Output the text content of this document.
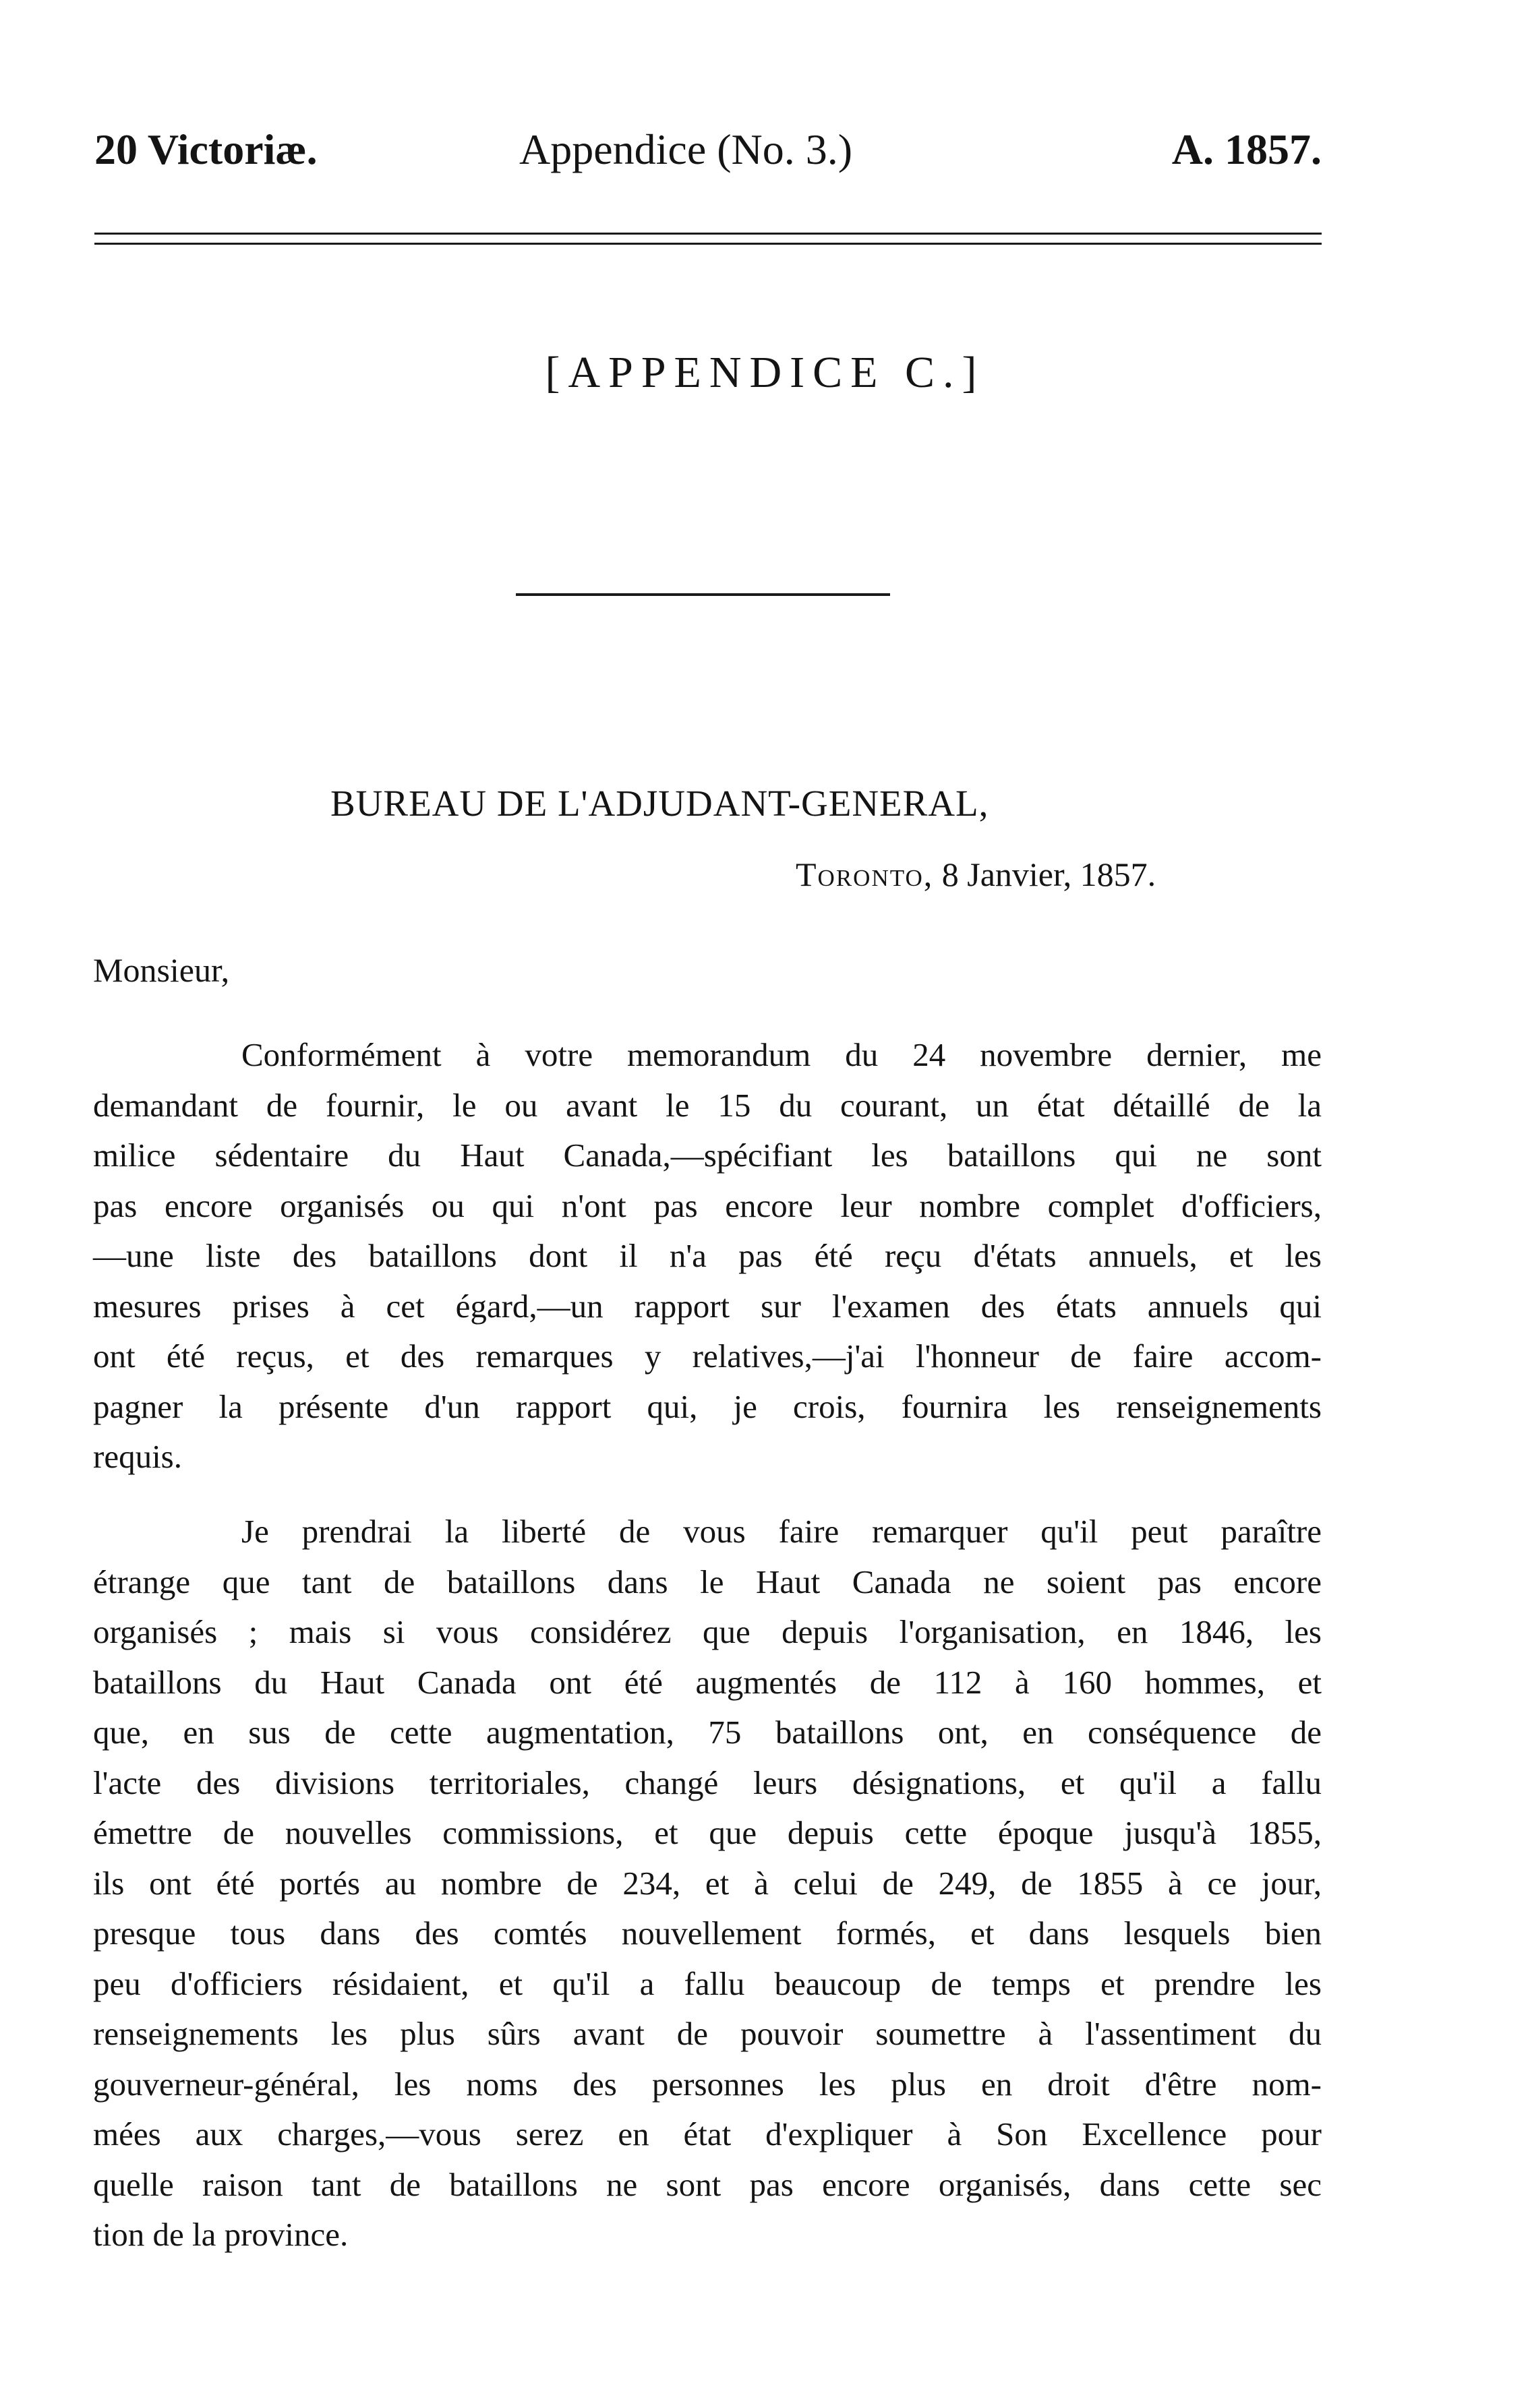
20 Victoriæ.	Appendice (No. 3.)	A. 1857.
[APPENDICE C.]
BUREAU DE L'ADJUDANT-GENERAL,
Toronto, 8 Janvier, 1857.
Monsieur,
Conformément à votre memorandum du 24 novembre dernier, me
demandant de fournir, le ou avant le 15 du courant, un état détaillé de la
milice sédentaire du Haut Canada,—spécifiant les bataillons qui ne sont
pas encore organisés ou qui n'ont pas encore leur nombre complet d'officiers,
—une liste des bataillons dont il n'a pas été reçu d'états annuels, et les
mesures prises à cet égard,—un rapport sur l'examen des états annuels qui
ont été reçus, et des remarques y relatives,—j'ai l'honneur de faire accom-
pagner la présente d'un rapport qui, je crois, fournira les renseignements
requis.
Je prendrai la liberté de vous faire remarquer qu'il peut paraître
étrange que tant de bataillons dans le Haut Canada ne soient pas encore
organisés ; mais si vous considérez que depuis l'organisation, en 1846, les
bataillons du Haut Canada ont été augmentés de 112 à 160 hommes, et
que, en sus de cette augmentation, 75 bataillons ont, en conséquence de
l'acte des divisions territoriales, changé leurs désignations, et qu'il a fallu
émettre de nouvelles commissions, et que depuis cette époque jusqu'à 1855,
ils ont été portés au nombre de 234, et à celui de 249, de 1855 à ce jour,
presque tous dans des comtés nouvellement formés, et dans lesquels bien
peu d'officiers résidaient, et qu'il a fallu beaucoup de temps et prendre les
renseignements les plus sûrs avant de pouvoir soumettre à l'assentiment du
gouverneur-général, les noms des personnes les plus en droit d'être nom-
mées aux charges,—vous serez en état d'expliquer à Son Excellence pour
quelle raison tant de bataillons ne sont pas encore organisés, dans cette sec
tion de la province.
